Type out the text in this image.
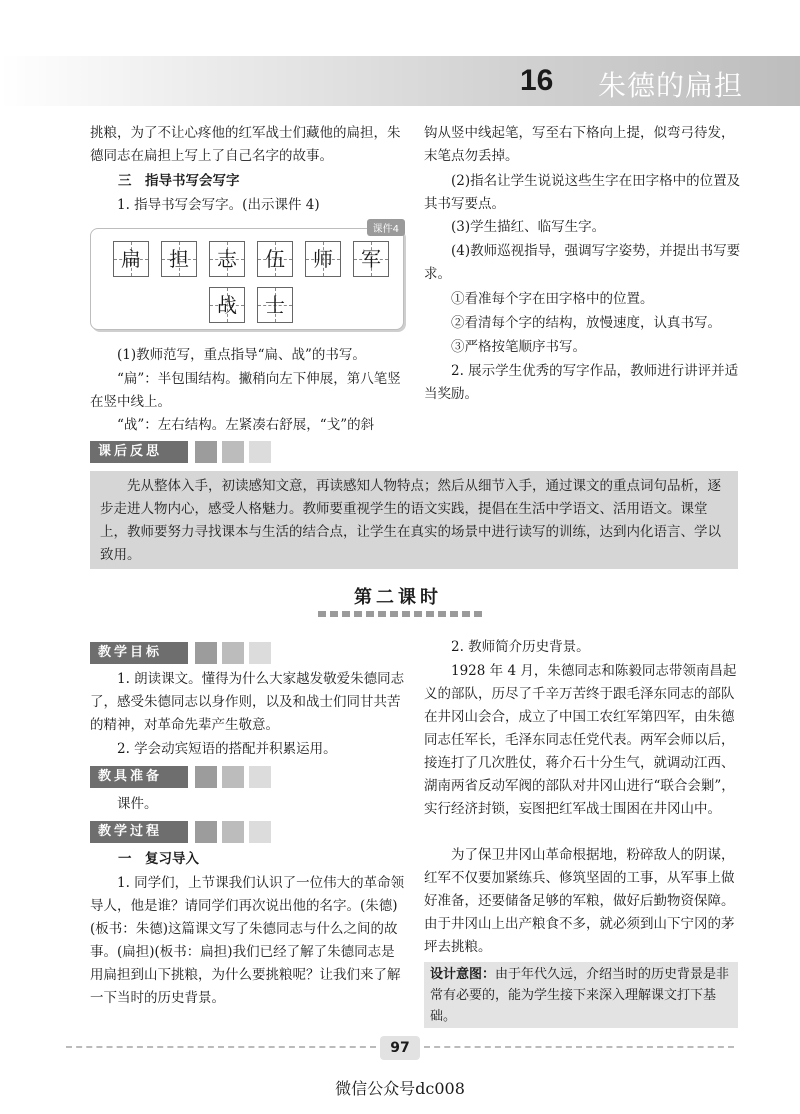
16 朱德的扁担

挑粮，为了不让心疼他的红军战士们藏他的扁担，朱德同志在扁担上写上了自己名字的故事。

三　指导书写会写字

1. 指导书写会写字。(出示课件 4)

课件4
扁	担	志	伍	师	军
战	士

(1)教师范写，重点指导“扁、战”的书写。

“扁”：半包围结构。撇稍向左下伸展，第八笔竖在竖中线上。

“战”：左右结构。左紧凑右舒展，“戈”的斜

钩从竖中线起笔，写至右下格向上提，似弯弓待发，末笔点勿丢掉。

(2)指名让学生说说这些生字在田字格中的位置及其书写要点。

(3)学生描红、临写生字。

(4)教师巡视指导，强调写字姿势，并提出书写要求。

①看准每个字在田字格中的位置。

②看清每个字的结构，放慢速度，认真书写。

③严格按笔顺序书写。

2. 展示学生优秀的写字作品，教师进行讲评并适当奖励。

课后反思

先从整体入手，初读感知文意，再读感知人物特点；然后从细节入手，通过课文的重点词句品析，逐步走进人物内心，感受人格魅力。教师要重视学生的语文实践，提倡在生活中学语文、活用语文。课堂上，教师要努力寻找课本与生活的结合点，让学生在真实的场景中进行读写的训练，达到内化语言、学以致用。

第二课时
教学目标

1. 朗读课文。懂得为什么大家越发敬爱朱德同志了，感受朱德同志以身作则，以及和战士们同甘共苦的精神，对革命先辈产生敬意。

2. 学会动宾短语的搭配并积累运用。

教具准备

课件。

教学过程

一　复习导入

1. 同学们，上节课我们认识了一位伟大的革命领导人，他是谁？请同学们再次说出他的名字。(朱德)(板书：朱德)这篇课文写了朱德同志与什么之间的故事。(扁担)(板书：扁担)我们已经了解了朱德同志是用扁担到山下挑粮，为什么要挑粮呢？让我们来了解一下当时的历史背景。

2. 教师简介历史背景。

1928 年 4 月，朱德同志和陈毅同志带领南昌起义的部队，历尽了千辛万苦终于跟毛泽东同志的部队在井冈山会合，成立了中国工农红军第四军，由朱德同志任军长，毛泽东同志任党代表。两军会师以后，接连打了几次胜仗，蒋介石十分生气，就调动江西、湖南两省反动军阀的部队对井冈山进行“联合会剿”，实行经济封锁，妄图把红军战士围困在井冈山中。

为了保卫井冈山革命根据地，粉碎敌人的阴谋，红军不仅要加紧练兵、修筑坚固的工事，从军事上做好准备，还要储备足够的军粮，做好后勤物资保障。由于井冈山上出产粮食不多，就必须到山下宁冈的茅坪去挑粮。

设计意图：由于年代久远，介绍当时的历史背景是非常有必要的，能为学生接下来深入理解课文打下基础。

97
微信公众号dc008
